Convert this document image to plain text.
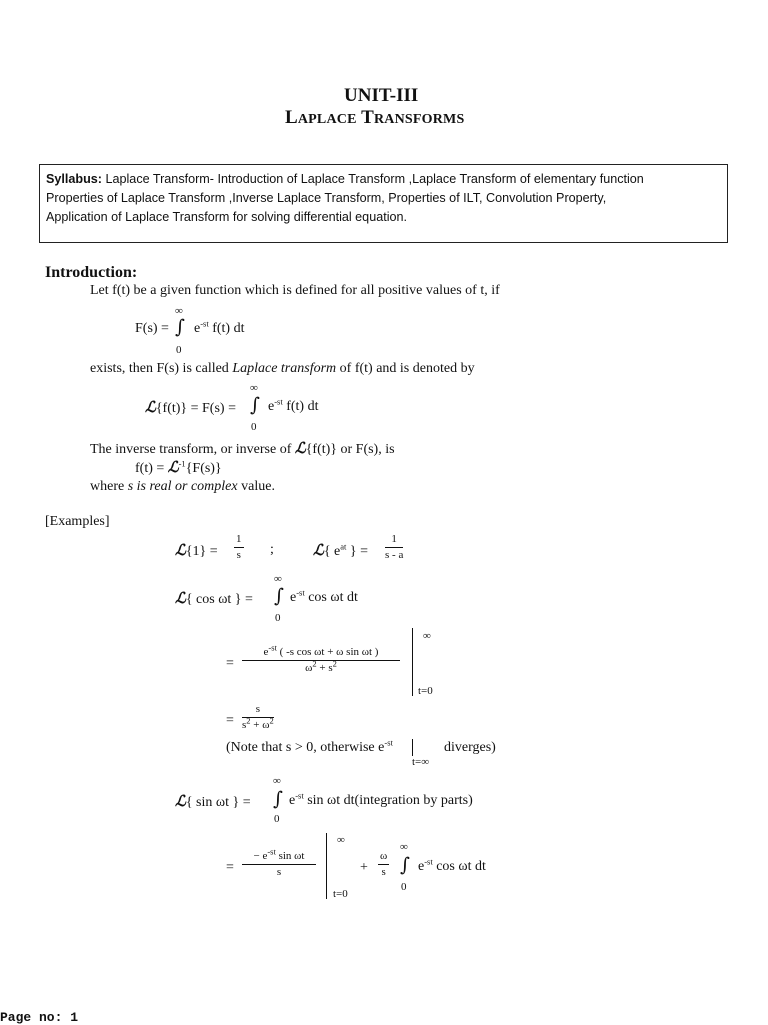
UNIT-III
LAPLACE TRANSFORMS
Syllabus: Laplace Transform- Introduction of Laplace Transform ,Laplace Transform of elementary function
Properties of Laplace Transform ,Inverse Laplace Transform, Properties of ILT, Convolution Property,
Application of Laplace Transform for solving differential equation.
Introduction:
Let f(t) be a given function which is defined for all positive values of t, if
∞
F(s) = ∫ $e^{-st}$ f(t) dt
0
exists, then F(s) is called Laplace transform of f(t) and is denoted by
∞
ℒ{f(t)} = F(s) = ∫ $e^{-st}$ f(t) dt
0
The inverse transform, or inverse of ℒ{f(t)} or F(s), is
f(t) = ℒ$^{-1}${F(s)}
where s is real or complex value.
[Examples]
ℒ{1} =
1
s ;	ℒ{ $e^{at}$ } =
1
s - a
∞
ℒ{ cos ωt } = ∫ $e^{-st}$ cos ωt dt
0
=
$e^{-st}$ ( -s cos ωt + ω sin ωt )
$\omega^2 + s^2$
∞
t=0
=
s
$s^2 + \omega^2$
(Note that s > 0, otherwise $e^{-st}$	diverges)
t=∞
∞
ℒ{ sin ωt } = ∫ $e^{-st}$ sin ωt dt(integration by parts)
0
=
− $e^{-st}$ sin ωt
s
∞
t=0
+
ω
s
∞
∫ $e^{-st}$ cos ωt dt
0
Page no: 1
